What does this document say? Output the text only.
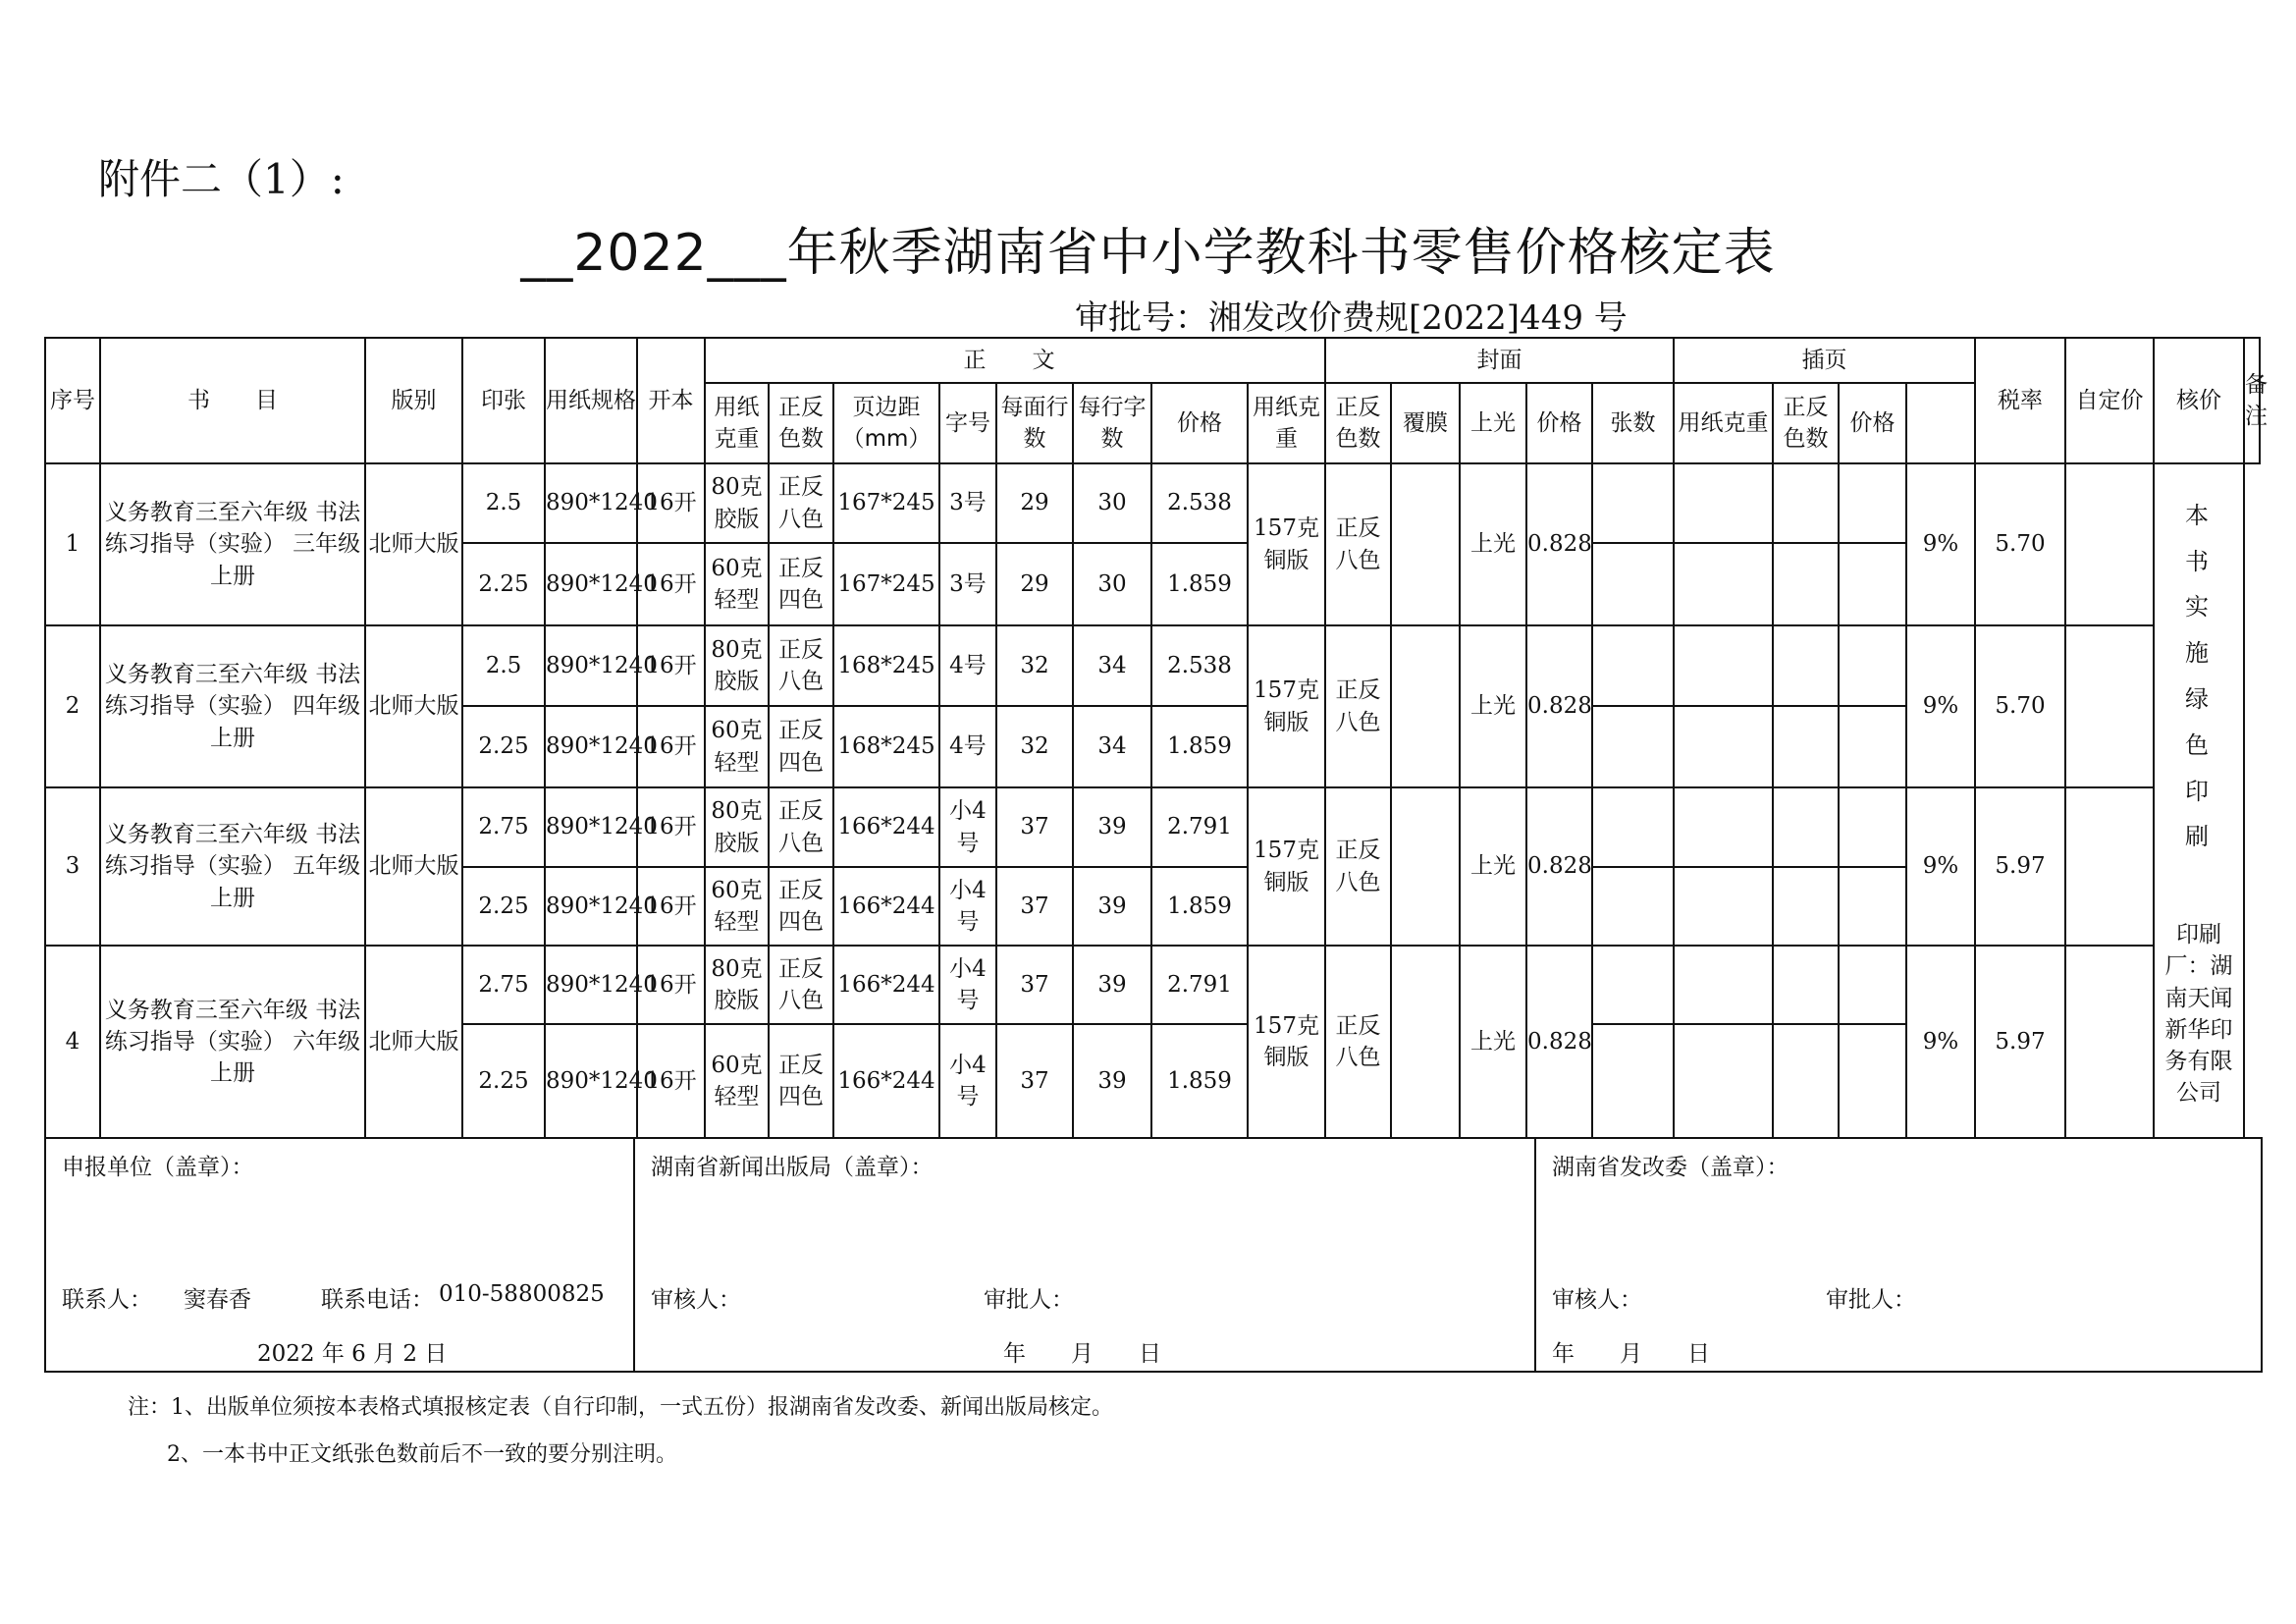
附件二（1）:
__2022___年秋季湖南省中小学教科书零售价格核定表
审批号：湘发改价费规[2022]449 号
序号	书　　目	版别	印张	用纸规格	开本	正　文								封面					插页				税率	自定价	核价	备注
						用纸克重	正反色数	页边距（mm）	字号	每面行数	每行字数	价格	用纸克重	正反色数	覆膜	上光	价格	张数	用纸克重	正反色数	价格					
1	义务教育三至六年级 书法练习指导（实验） 三年级上册	北师大版	2.5	890*1240	16开	80克胶版	正反八色	167*245	3号	29	30	2.538	157克铜版	正反八色		上光	0.828					9%	5.70		本书实施绿色印刷
印刷厂：湖南天闻新华印务有限公司	

			2.25	890*1240	16开	60克轻型	正反四色	167*245	3号	29	30	1.859														
2	义务教育三至六年级 书法练习指导（实验） 四年级上册	北师大版	2.5	890*1240	16开	80克胶版	正反八色	168*245	4号	32	34	2.538	157克铜版	正反八色		上光	0.828					9%	5.70			
			2.25	890*1240	16开	60克轻型	正反四色	168*245	4号	32	34	1.859														
3	义务教育三至六年级 书法练习指导（实验） 五年级上册	北师大版	2.75	890*1240	16开	80克胶版	正反八色	166*244	小4号	37	39	2.791	157克铜版	正反八色		上光	0.828					9%	5.97			
			2.25	890*1240	16开	60克轻型	正反四色	166*244	小4号	37	39	1.859														
4	义务教育三至六年级 书法练习指导（实验） 六年级上册	北师大版	2.75	890*1240	16开	80克胶版	正反八色	166*244	小4号	37	39	2.791	157克铜版	正反八色		上光	0.828					9%	5.97			
			2.25	890*1240	16开	60克轻型	正反四色	166*244	小4号	37	39	1.859														
申报单位（盖章）：
联系人： 窦春香	联系电话： 010-58800825
2022 年 6 月 2 日

湖南省新闻出版局（盖章）：
审核人：	审批人：
年　　月　　日

湖南省发改委（盖章）：
审核人：	审批人：
年　　月　　日
注：1、出版单位须按本表格式填报核定表（自行印制，一式五份）报湖南省发改委、新闻出版局核定。
2、一本书中正文纸张色数前后不一致的要分别注明。
